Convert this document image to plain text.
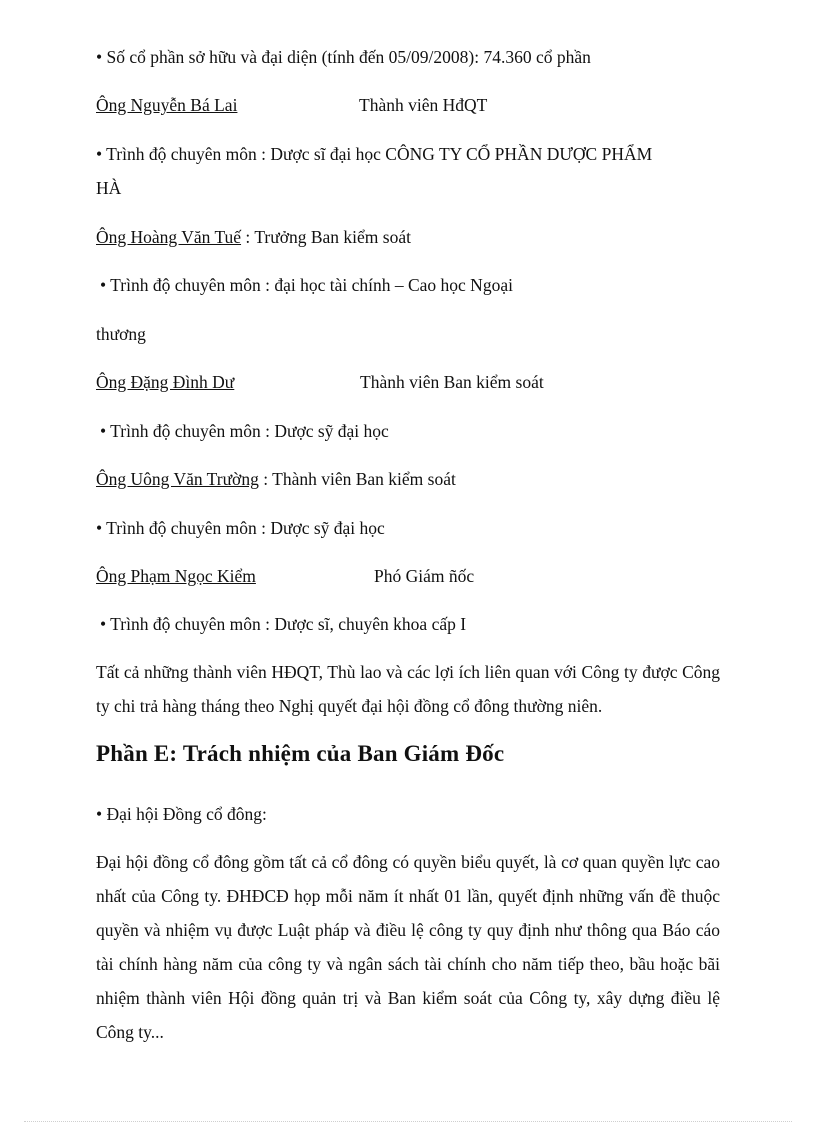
• Số cổ phần sở hữu và đại diện (tính đến 05/09/2008): 74.360 cổ phần
Ông Nguyễn Bá Lai	Thành viên HđQT
• Trình độ chuyên môn : Dược sĩ đại học CÔNG TY CỔ PHẦN DƯỢC PHẨM
HÀ
Ông Hoàng Văn Tuế : Trưởng Ban kiểm soát
• Trình độ chuyên môn : đại học tài chính – Cao học Ngoại
thương
Ông Đặng Đình Dư	Thành viên Ban kiểm soát
• Trình độ chuyên môn : Dược sỹ đại học
Ông Uông Văn Trường : Thành viên Ban kiểm soát
• Trình độ chuyên môn : Dược sỹ đại học
Ông Phạm Ngọc Kiểm	Phó Giám ñốc
• Trình độ chuyên môn : Dược sĩ, chuyên khoa cấp I
Tất cả những thành viên HĐQT, Thù lao và các lợi ích liên quan với Công ty được Công ty chi trả hàng tháng theo Nghị quyết đại hội đồng cổ đông thường niên.
Phần E: Trách nhiệm của Ban Giám Đốc
• Đại hội Đồng cổ đông:
Đại hội đồng cổ đông gồm tất cả cổ đông có quyền biểu quyết, là cơ quan quyền lực cao nhất của Công ty. ĐHĐCĐ họp mỗi năm ít nhất 01 lần, quyết định những vấn đề thuộc quyền và nhiệm vụ được Luật pháp và điều lệ công ty quy định như thông qua Báo cáo tài chính hàng năm của công ty và ngân sách tài chính cho năm tiếp theo, bầu hoặc bãi nhiệm thành viên Hội đồng quản trị và Ban kiểm soát của Công ty, xây dựng điều lệ Công ty...
